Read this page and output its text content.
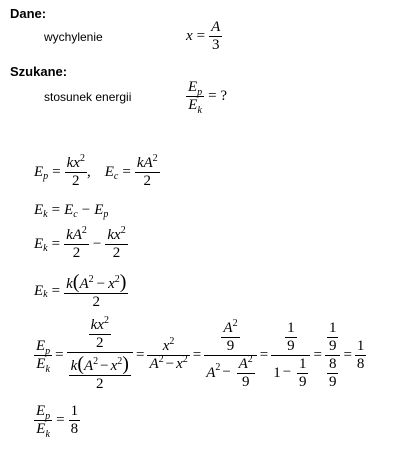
Dane:
wychylenie	$x = \frac{A}{3}$
Szukane:
stosunek energii	$\frac{E_p}{E_k}$ = ?
E $p = \frac{kx^2}{2}$ , E $c = \frac{kA^2}{2}$
E k = E c − E p
E $k = \frac{kA^2}{2} - \frac{kx^2}{2}$
E $k = \frac{k(A^2 - x^2)}{2}$
$\frac{E_p}{E_k} = \frac{\frac{kx^2}{2}}{\frac{k(A^2 - x^2)}{2}} = \frac{x^2}{A^2 - x^2} = \frac{\frac{A^2}{9}}{A^2 - \frac{A^2}{9}} = \frac{\frac{1}{9}}{1 - \frac{1}{9}} = \frac{\frac{1}{9}}{\frac{8}{9}} = \frac{1}{8}$
$\frac{E_p}{E_k} = \frac{1}{8}$
